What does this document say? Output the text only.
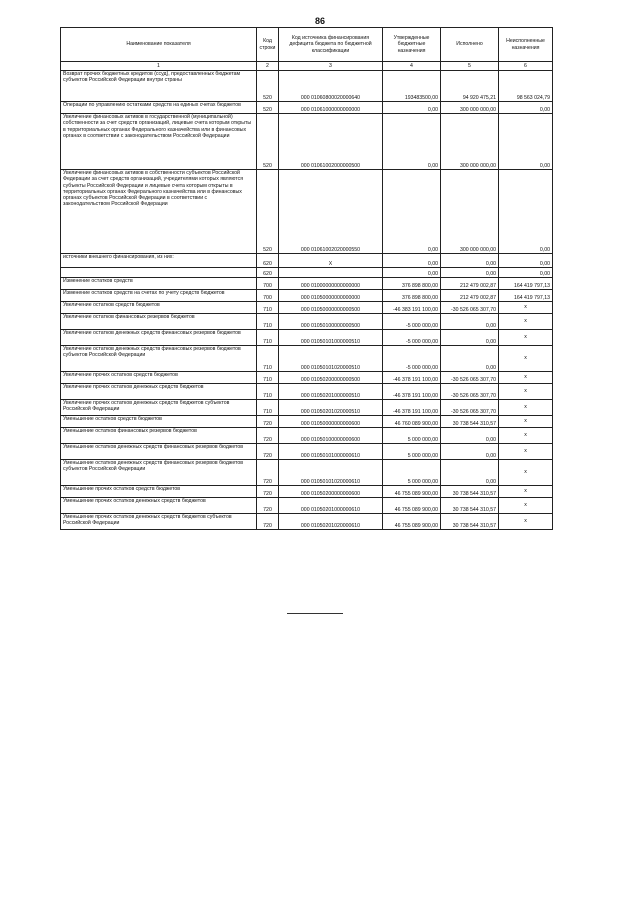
86
Наименование показателя	Код строки	Код источника финансирования дефицита бюджета по бюджетной классификации	Утвержденные бюджетные назначения	Исполнено	Неисполненные назначения
1	2	3	4	5	6
Возврат прочих бюджетных кредитов (ссуд), предоставленных бюджетам субъектов Российской Федерации внутри страны	520	000 01060800020000640	193483500,00	94 920 475,21	98 563 024,79
Операции по управлению остатками средств на единых счетах бюджетов	520	000 01061000000000000	0,00	300 000 000,00	0,00
Увеличение финансовых активов в государственной (муниципальной) собственности за счет средств организаций, лицевые счета которым открыты в территориальных органах Федерального казначейства или в финансовых органах в соответствии с законодательством Российской Федерации	520	000 01061002000000500	0,00	300 000 000,00	0,00
Увеличение финансовых активов в собственности субъектов Российской Федерации за счет средств организаций, учредителями которых являются субъекты Российской Федерации и лицевые счета которым открыты в территориальных органах Федерального казначейства или в финансовых органах субъектов Российской Федерации в соответствии с законодательством Российской Федерации	520	000 01061002020000550	0,00	300 000 000,00	0,00
источники внешнего финансирования, из них:	620	X	0,00	0,00	0,00
	620		0,00	0,00	0,00
Изменение остатков средств	700	000 01000000000000000	376 898 800,00	212 479 002,87	164 419 797,13
Изменение остатков средств на счетах по учету средств бюджетов	700	000 01050000000000000	376 898 800,00	212 479 002,87	164 419 797,13
Увеличение остатков средств бюджетов	710	000 01050000000000500	-46 383 191 100,00	-30 526 065 307,70	x
Увеличение остатков финансовых резервов бюджетов	710	000 01050100000000500	-5 000 000,00	0,00	x
Увеличение остатков денежных средств финансовых резервов бюджетов	710	000 01050101000000510	-5 000 000,00	0,00	x
Увеличение остатков денежных средств финансовых резервов бюджетов субъектов Российской Федерации	710	000 01050101020000510	-5 000 000,00	0,00	x
Увеличение прочих остатков средств бюджетов	710	000 01050200000000500	-46 378 191 100,00	-30 526 065 307,70	x
Увеличение прочих остатков денежных средств бюджетов	710	000 01050201000000510	-46 378 191 100,00	-30 526 065 307,70	x
Увеличение прочих остатков денежных средств бюджетов субъектов Российской Федерации	710	000 01050201020000510	-46 378 191 100,00	-30 526 065 307,70	x
Уменьшение остатков средств бюджетов	720	000 01050000000000600	46 760 089 900,00	30 738 544 310,57	x
Уменьшение остатков финансовых резервов бюджетов	720	000 01050100000000600	5 000 000,00	0,00	x
Уменьшение остатков денежных средств финансовых резервов бюджетов	720	000 01050101000000610	5 000 000,00	0,00	x
Уменьшение остатков денежных средств финансовых резервов бюджетов субъектов Российской Федерации	720	000 01050101020000610	5 000 000,00	0,00	x
Уменьшение прочих остатков средств бюджетов	720	000 01050200000000600	46 755 089 900,00	30 738 544 310,57	x
Уменьшение прочих остатков денежных средств бюджетов	720	000 01050201000000610	46 755 089 900,00	30 738 544 310,57	x
Уменьшение прочих остатков денежных средств бюджетов субъектов Российской Федерации	720	000 01050201020000610	46 755 089 900,00	30 738 544 310,57	x
